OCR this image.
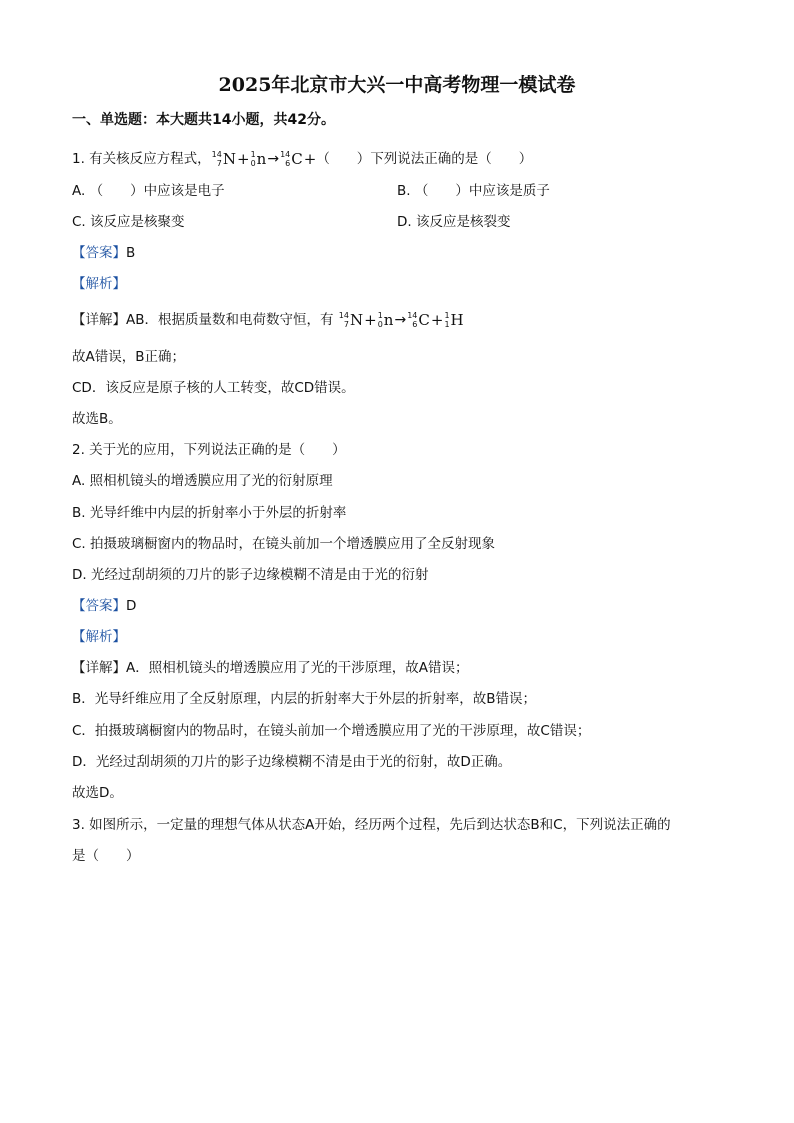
2025年北京市大兴一中高考物理一模试卷
一、单选题：本大题共14小题，共42分。
1. 有关核反应方程式，14
7N+1
0n→14
6C+（　　）下列说法正确的是（　　）
A. （　　）中应该是电子	B. （　　）中应该是质子
C. 该反应是核聚变	D. 该反应是核裂变
【答案】B
【解析】
【详解】AB．根据质量数和电荷数守恒，有 14
7N+1
0n→14
6C+1
1H
故A错误，B正确；
CD．该反应是原子核的人工转变，故CD错误。
故选B。
2. 关于光的应用，下列说法正确的是（　　）
A. 照相机镜头的增透膜应用了光的衍射原理
B. 光导纤维中内层的折射率小于外层的折射率
C. 拍摄玻璃橱窗内的物品时，在镜头前加一个增透膜应用了全反射现象
D. 光经过刮胡须的刀片的影子边缘模糊不清是由于光的衍射
【答案】D
【解析】
【详解】A．照相机镜头的增透膜应用了光的干涉原理，故A错误；
B．光导纤维应用了全反射原理，内层的折射率大于外层的折射率，故B错误；
C．拍摄玻璃橱窗内的物品时，在镜头前加一个增透膜应用了光的干涉原理，故C错误；
D．光经过刮胡须的刀片的影子边缘模糊不清是由于光的衍射，故D正确。
故选D。
3. 如图所示，一定量的理想气体从状态A开始，经历两个过程，先后到达状态B和C，下列说法正确的
是（　　）
